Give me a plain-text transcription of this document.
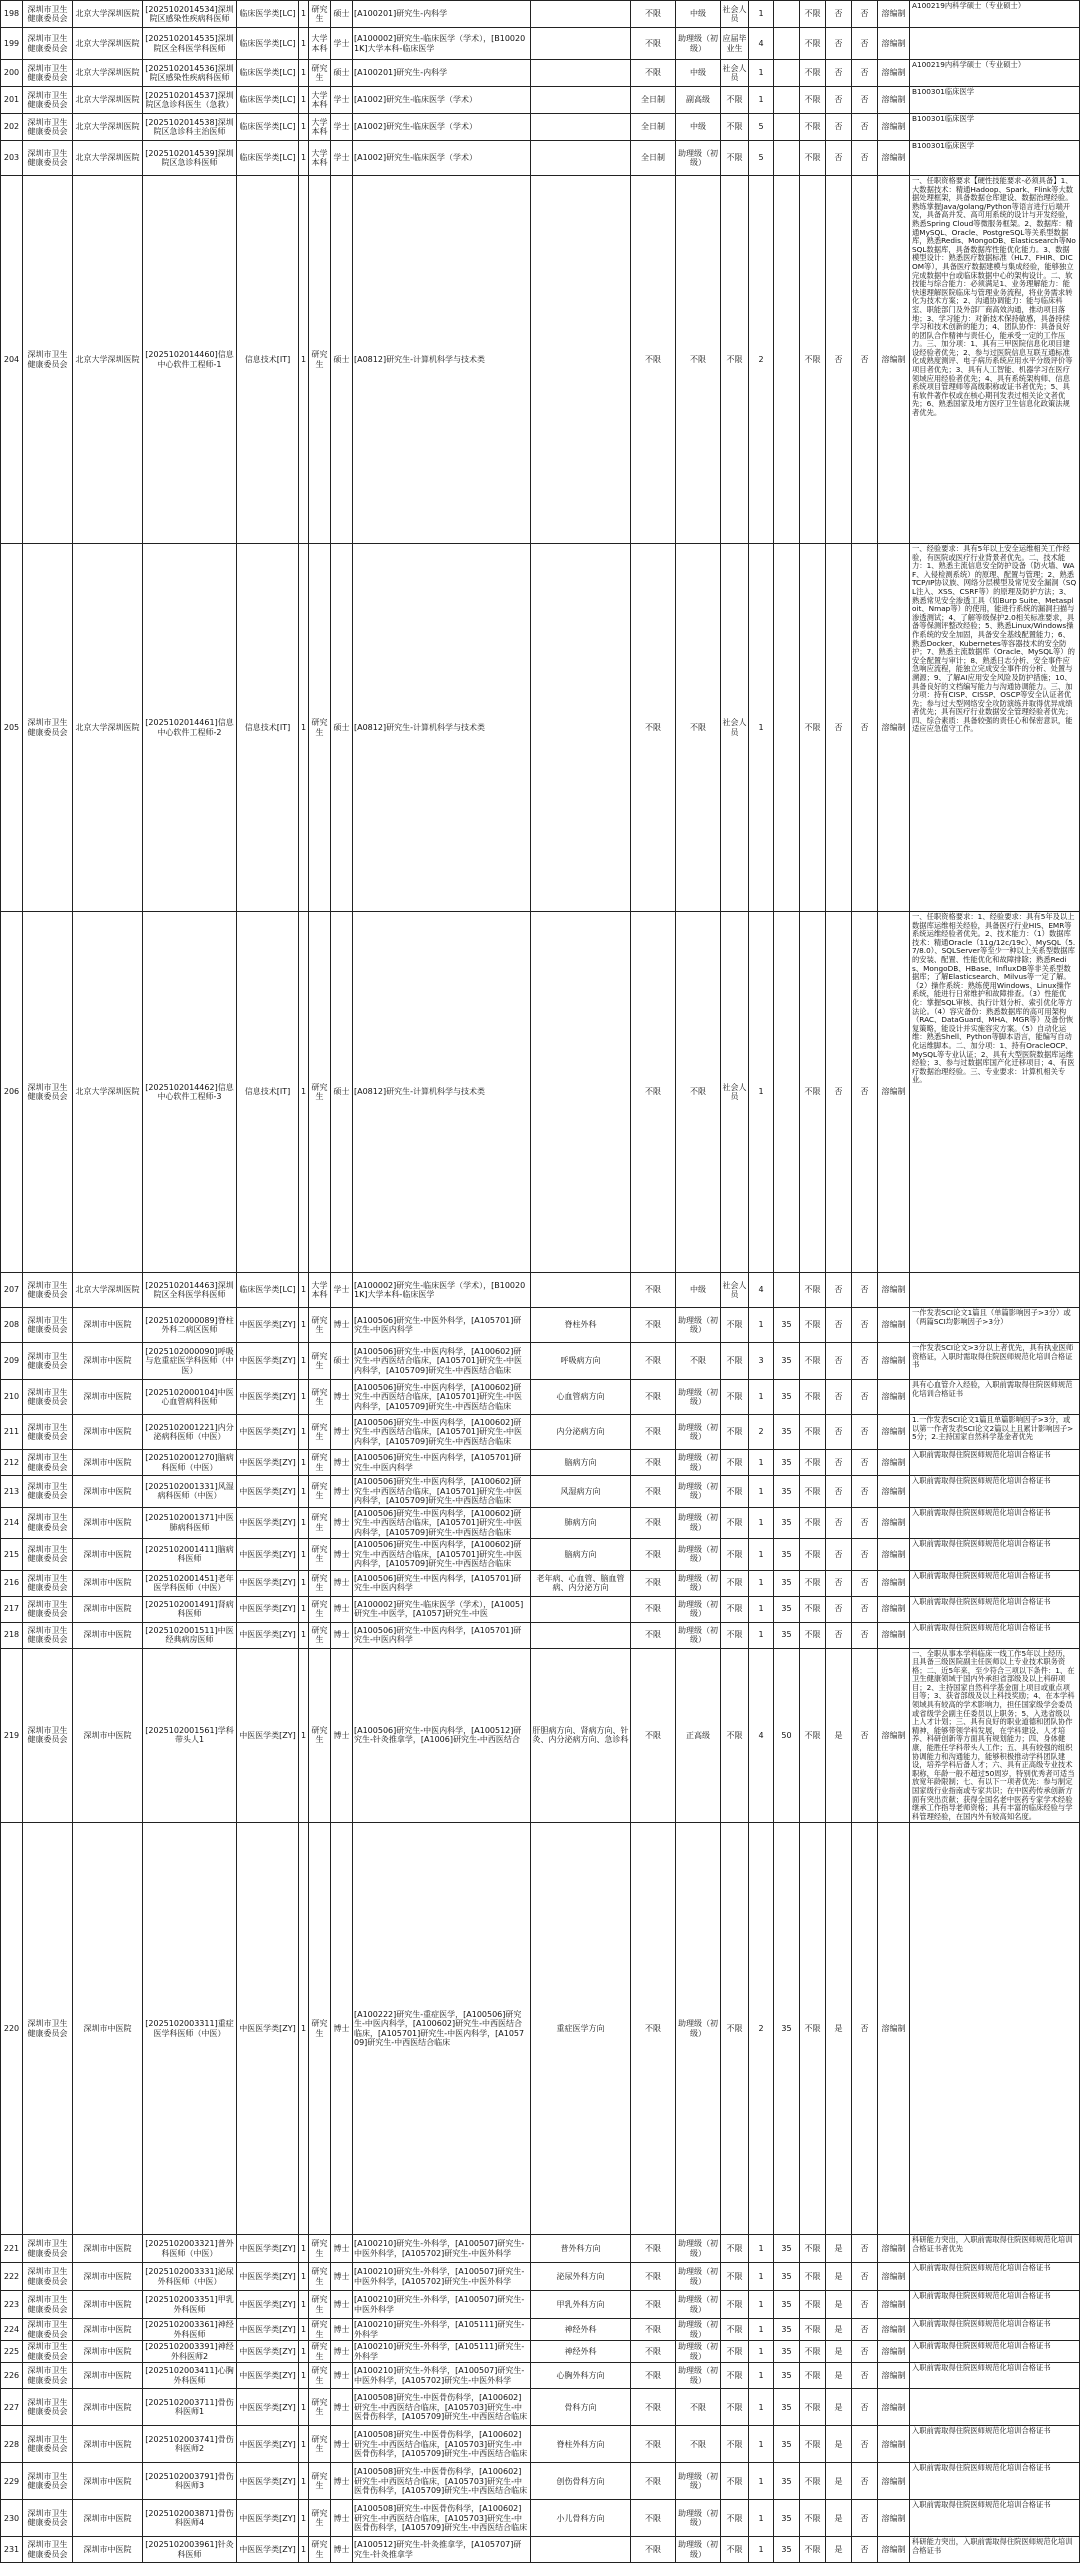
198	深圳市卫生健康委员会	北京大学深圳医院	[2025102014534]深圳院区感染性疾病科医师	临床医学类[LC]	1	研究生	硕士	[A100201]研究生-内科学		不限	中级	社会人员	1		不限	否	否	溶编制	A100219内科学硕士（专业硕士）
199	深圳市卫生健康委员会	北京大学深圳医院	[2025102014535]深圳院区全科医学科医师	临床医学类[LC]	1	大学本科	学士	[A100002]研究生-临床医学（学术），[B100201K]大学本科-临床医学		不限	助理级（初级）	应届毕业生	4		不限	否	否	溶编制	
200	深圳市卫生健康委员会	北京大学深圳医院	[2025102014536]深圳院区感染性疾病科医师	临床医学类[LC]	1	研究生	硕士	[A100201]研究生-内科学		不限	中级	社会人员	1		不限	否	否	溶编制	A100219内科学硕士（专业硕士）
201	深圳市卫生健康委员会	北京大学深圳医院	[2025102014537]深圳院区急诊科医生（急救）	临床医学类[LC]	1	大学本科	学士	[A1002]研究生-临床医学（学术）		全日制	副高级	不限	1		不限	否	否	溶编制	B100301临床医学
202	深圳市卫生健康委员会	北京大学深圳医院	[2025102014538]深圳院区急诊科主治医师	临床医学类[LC]	1	大学本科	学士	[A1002]研究生-临床医学（学术）		全日制	中级	不限	5		不限	否	否	溶编制	B100301临床医学
203	深圳市卫生健康委员会	北京大学深圳医院	[2025102014539]深圳院区急诊科医师	临床医学类[LC]	1	大学本科	学士	[A1002]研究生-临床医学（学术）		全日制	助理级（初级）	不限	5		不限	否	否	溶编制	B100301临床医学
204	深圳市卫生健康委员会	北京大学深圳医院	[2025102014460]信息中心软件工程师-1	信息技术[IT]	1	研究生	硕士	[A0812]研究生-计算机科学与技术类		不限	不限	不限	2		不限	否	否	溶编制	一、任职资格要求【硬性技能要求-必须具备】1、大数据技术：精通Hadoop、Spark、Flink等大数据处理框架，具备数据仓库建设、数据治理经验。熟练掌握Java/golang/Python等语言进行后端开发，具备高并发、高可用系统的设计与开发经验，熟悉Spring Cloud等微服务框架。2、数据库：精通MySQL、Oracle、PostgreSQL等关系型数据库，熟悉Redis、MongoDB、Elasticsearch等NoSQL数据库，具备数据库性能优化能力。3、数据模型设计：熟悉医疗数据标准（HL7、FHIR、DICOM等），具备医疗数据建模与集成经验，能够独立完成数据中台或临床数据中心的架构设计。二、软技能与综合能力：必须满足1、业务理解能力：能快速理解医院临床与管理业务流程，将业务需求转化为技术方案；2、沟通协调能力：能与临床科室、职能部门及外部厂商高效沟通，推动项目落地；3、学习能力：对新技术保持敏感，具备持续学习和技术创新的能力；4、团队协作：具备良好的团队合作精神与责任心，能承受一定的工作压力。三、加分项：1、具有三甲医院信息化项目建设经验者优先；2、参与过医院信息互联互通标准化成熟度测评、电子病历系统应用水平分级评价等项目者优先；3、具有人工智能、机器学习在医疗领域应用经验者优先；4、具有系统架构师、信息系统项目管理师等高级职称或证书者优先；5、具有软件著作权或在核心期刊发表过相关论文者优先；6、熟悉国家及地方医疗卫生信息化政策法规者优先。
205	深圳市卫生健康委员会	北京大学深圳医院	[2025102014461]信息中心软件工程师-2	信息技术[IT]	1	研究生	硕士	[A0812]研究生-计算机科学与技术类		不限	不限	社会人员	1		不限	否	否	溶编制	一、经验要求：具有5年以上安全运维相关工作经验，有医院或医疗行业背景者优先。二、技术能力：1、熟悉主流信息安全防护设备（防火墙、WAF、入侵检测系统）的原理、配置与管理；2、熟悉TCP/IP协议族、网络分层模型及常见安全漏洞（SQL注入、XSS、CSRF等）的原理及防护方法；3、熟悉常见安全渗透工具（如Burp Suite、Metasploit、Nmap等）的使用，能进行系统的漏洞扫描与渗透测试；4、了解等级保护2.0相关标准要求，具备等保测评整改经验；5、熟悉Linux/Windows操作系统的安全加固，具备安全基线配置能力；6、熟悉Docker、Kubernetes等容器技术的安全防护；7、熟悉主流数据库（Oracle、MySQL等）的安全配置与审计；8、熟悉日志分析、安全事件应急响应流程，能独立完成安全事件的分析、处置与溯源；9、了解AI应用安全风险及防护措施；10、具备良好的文档编写能力与沟通协调能力。三、加分项：持有CISP、CISSP、OSCP等安全认证者优先；参与过大型网络安全攻防演练并取得优异成绩者优先；具有医疗行业数据安全管理经验者优先；四、综合素质：具备较强的责任心和保密意识，能适应应急值守工作。
206	深圳市卫生健康委员会	北京大学深圳医院	[2025102014462]信息中心软件工程师-3	信息技术[IT]	1	研究生	硕士	[A0812]研究生-计算机科学与技术类		不限	不限	社会人员	1		不限	否	否	溶编制	一、任职资格要求：1、经验要求：具有5年及以上数据库运维相关经验，具备医疗行业HIS、EMR等系统运维经验者优先。2、技术能力：（1）数据库技术：精通Oracle（11g/12c/19c）、MySQL（5.7/8.0）、SQLServer等至少一种以上关系型数据库的安装、配置、性能优化和故障排除；熟悉Redis、MongoDB、HBase、InfluxDB等非关系型数据库；了解Elasticsearch、Milvus等一定了解。（2）操作系统：熟练使用Windows、Linux操作系统，能进行日常维护和故障排查。（3）性能优化：掌握SQL审核、执行计划分析、索引优化等方法论。（4）容灾备份：熟悉数据库的高可用架构（RAC、DataGuard、MHA、MGR等）及备份恢复策略，能设计并实施容灾方案。（5）自动化运维：熟悉Shell、Python等脚本语言，能编写自动化运维脚本。二、加分项：1、持有OracleOCP、MySQL等专业认证；2、具有大型医院数据库运维经验；3、参与过数据库国产化迁移项目；4、有医疗数据治理经验。三、专业要求：计算机相关专业。
207	深圳市卫生健康委员会	北京大学深圳医院	[2025102014463]深圳院区全科医学科医师	临床医学类[LC]	1	大学本科	学士	[A100002]研究生-临床医学（学术），[B100201K]大学本科-临床医学		不限	中级	社会人员	4		不限	否	否	溶编制	
208	深圳市卫生健康委员会	深圳市中医院	[2025102000089]脊柱外科二病区医师	中医医学类[ZY]	1	研究生	博士	[A100506]研究生-中医外科学，[A105701]研究生-中医内科学	脊柱外科	不限	助理级（初级）	不限	1	35	不限	否	否	溶编制	一作发表SCI论文1篇且（单篇影响因子>3分）或（两篇SCI均影响因子>3分）
209	深圳市卫生健康委员会	深圳市中医院	[2025102000090]呼吸与危重症医学科医师（中医）	中医医学类[ZY]	1	研究生	硕士	[A100506]研究生-中医内科学，[A100602]研究生-中西医结合临床，[A105701]研究生-中医内科学，[A105709]研究生-中西医结合临床	呼吸病方向	不限	不限	不限	3	35	不限	否	否	溶编制	一作发表SCI论文>3分以上者优先，具有执业医师资格证，入职时需取得住院医师规范化培训合格证书
210	深圳市卫生健康委员会	深圳市中医院	[2025102000104]中医心血管病科医师	中医医学类[ZY]	1	研究生	博士	[A100506]研究生-中医内科学，[A100602]研究生-中西医结合临床，[A105701]研究生-中医内科学，[A105709]研究生-中西医结合临床	心血管病方向	不限	助理级（初级）	不限	1	35	不限	否	否	溶编制	具有心血管介入经验，入职前需取得住院医师规范化培训合格证书
211	深圳市卫生健康委员会	深圳市中医院	[2025102001221]内分泌病科医师（中医）	中医医学类[ZY]	1	研究生	博士	[A100506]研究生-中医内科学，[A100602]研究生-中西医结合临床，[A105701]研究生-中医内科学，[A105709]研究生-中西医结合临床	内分泌病方向	不限	助理级（初级）	不限	2	35	不限	否	否	溶编制	1.一作发表SCI论文1篇且单篇影响因子>3分，或以第一作者发表SCI论文2篇以上且累计影响因子>5分；2.主持国家自然科学基金者优先
212	深圳市卫生健康委员会	深圳市中医院	[2025102001270]脑病科医师（中医）	中医医学类[ZY]	1	研究生	博士	[A100506]研究生-中医内科学，[A105701]研究生-中医内科学	脑病方向	不限	助理级（初级）	不限	1	35	不限	否	否	溶编制	入职前需取得住院医师规范化培训合格证书
213	深圳市卫生健康委员会	深圳市中医院	[2025102001331]风湿病科医师（中医）	中医医学类[ZY]	1	研究生	博士	[A100506]研究生-中医内科学，[A100602]研究生-中西医结合临床，[A105701]研究生-中医内科学，[A105709]研究生-中西医结合临床	风湿病方向	不限	助理级（初级）	不限	1	35	不限	否	否	溶编制	入职前需取得住院医师规范化培训合格证书
214	深圳市卫生健康委员会	深圳市中医院	[2025102001371]中医肺病科医师	中医医学类[ZY]	1	研究生	博士	[A100506]研究生-中医内科学，[A100602]研究生-中西医结合临床，[A105701]研究生-中医内科学，[A105709]研究生-中西医结合临床	肺病方向	不限	助理级（初级）	不限	1	35	不限	否	否	溶编制	入职前需取得住院医师规范化培训合格证书
215	深圳市卫生健康委员会	深圳市中医院	[2025102001411]脑病科医师	中医医学类[ZY]	1	研究生	博士	[A100506]研究生-中医内科学，[A100602]研究生-中西医结合临床，[A105701]研究生-中医内科学，[A105709]研究生-中西医结合临床	脑病方向	不限	助理级（初级）	不限	1	35	不限	否	否	溶编制	入职前需取得住院医师规范化培训合格证书
216	深圳市卫生健康委员会	深圳市中医院	[2025102001451]老年医学科医师（中医）	中医医学类[ZY]	1	研究生	博士	[A100506]研究生-中医内科学，[A105701]研究生-中医内科学	老年病、心血管、脑血管病、内分泌方向	不限	助理级（初级）	不限	1	35	不限	否	否	溶编制	入职前需取得住院医师规范化培训合格证书
217	深圳市卫生健康委员会	深圳市中医院	[2025102001491]肾病科医师	中医医学类[ZY]	1	研究生	博士	[A100002]研究生-临床医学（学术），[A1005]研究生-中医学，[A1057]研究生-中医		不限	助理级（初级）	不限	1	35	不限	否	否	溶编制	入职前需取得住院医师规范化培训合格证书
218	深圳市卫生健康委员会	深圳市中医院	[2025102001511]中医经典病房医师	中医医学类[ZY]	1	研究生	博士	[A100506]研究生-中医内科学，[A105701]研究生-中医内科学		不限	助理级（初级）	不限	1	35	不限	否	否	溶编制	入职前需取得住院医师规范化培训合格证书
219	深圳市卫生健康委员会	深圳市中医院	[2025102001561]学科带头人1	中医医学类[ZY]	1	研究生	博士	[A100506]研究生-中医内科学，[A100512]研究生-针灸推拿学，[A1006]研究生-中西医结合	肝胆病方向、肾病方向、针灸、内分泌病方向、急诊科	不限	正高级	不限	4	50	不限	是	否	溶编制	一、全职从事本学科临床一线工作5年以上经历，且具备三级医院副主任医师以上专业技术职务资格；二、近5年来，至少符合三项以下条件：1、在卫生健康领域于国内外承担省部级及以上科研项目；2、主持国家自然科学基金面上项目或重点项目等；3、获省部级及以上科技奖励；4、在本学科领域具有较高的学术影响力，担任国家级学会委员或省级学会副主任委员以上职务；5、入选省级以上人才计划；三、具有良好的职业道德和团队协作精神，能够带领学科发展，在学科建设、人才培养、科研创新等方面具有规划能力；四、身体健康，能胜任学科带头人工作；五、具有较强的组织协调能力和沟通能力，能够积极推动学科团队建设，培养学科后备人才；六、具有正高级专业技术职称，年龄一般不超过50周岁，特别优秀者可适当放宽年龄限制；七、有以下一项者优先：参与制定国家级行业指南或专家共识；在中医药传承创新方面有突出贡献；获得全国名老中医药专家学术经验继承工作指导老师资格；具有丰富的临床经验与学科管理经验，在国内外有较高知名度。
220	深圳市卫生健康委员会	深圳市中医院	[2025102003311]重症医学科医师（中医）	中医医学类[ZY]	1	研究生	博士	[A100222]研究生-重症医学，[A100506]研究生-中医内科学，[A100602]研究生-中西医结合临床，[A105701]研究生-中医内科学，[A105709]研究生-中西医结合临床	重症医学方向	不限	助理级（初级）	不限	2	35	不限	是	否	溶编制	
221	深圳市卫生健康委员会	深圳市中医院	[2025102003321]普外科医师（中医）	中医医学类[ZY]	1	研究生	博士	[A100210]研究生-外科学，[A100507]研究生-中医外科学，[A105702]研究生-中医外科学	普外科方向	不限	助理级（初级）	不限	1	35	不限	是	否	溶编制	科研能力突出，入职前需取得住院医师规范化培训合格证书者优先
222	深圳市卫生健康委员会	深圳市中医院	[2025102003331]泌尿外科医师（中医）	中医医学类[ZY]	1	研究生	博士	[A100210]研究生-外科学，[A100507]研究生-中医外科学，[A105702]研究生-中医外科学	泌尿外科方向	不限	助理级（初级）	不限	1	35	不限	是	否	溶编制	入职前需取得住院医师规范化培训合格证书
223	深圳市卫生健康委员会	深圳市中医院	[2025102003351]甲乳外科医师	中医医学类[ZY]	1	研究生	博士	[A100210]研究生-外科学，[A100507]研究生-中医外科学	甲乳外科方向	不限	助理级（初级）	不限	1	35	不限	是	否	溶编制	入职前需取得住院医师规范化培训合格证书
224	深圳市卫生健康委员会	深圳市中医院	[2025102003361]神经外科医师	中医医学类[ZY]	1	研究生	博士	[A100210]研究生-外科学，[A105111]研究生-外科学	神经外科	不限	助理级（初级）	不限	1	35	不限	是	否	溶编制	入职前需取得住院医师规范化培训合格证书
225	深圳市卫生健康委员会	深圳市中医院	[2025102003391]神经外科医师2	中医医学类[ZY]	1	研究生	博士	[A100210]研究生-外科学，[A105111]研究生-外科学	神经外科	不限	助理级（初级）	不限	1	35	不限	是	否	溶编制	入职前需取得住院医师规范化培训合格证书
226	深圳市卫生健康委员会	深圳市中医院	[2025102003411]心胸外科医师	中医医学类[ZY]	1	研究生	博士	[A100210]研究生-外科学，[A100507]研究生-中医外科学，[A105702]研究生-中医外科学	心胸外科方向	不限	助理级（初级）	不限	1	35	不限	是	否	溶编制	入职前需取得住院医师规范化培训合格证书
227	深圳市卫生健康委员会	深圳市中医院	[2025102003711]骨伤科医师1	中医医学类[ZY]	1	研究生	博士	[A100508]研究生-中医骨伤科学，[A100602]研究生-中西医结合临床，[A105703]研究生-中医骨伤科学，[A105709]研究生-中西医结合临床	骨科方向	不限	不限	不限	1	35	不限	是	否	溶编制	
228	深圳市卫生健康委员会	深圳市中医院	[2025102003741]骨伤科医师2	中医医学类[ZY]	1	研究生	博士	[A100508]研究生-中医骨伤科学，[A100602]研究生-中西医结合临床，[A105703]研究生-中医骨伤科学，[A105709]研究生-中西医结合临床	脊柱外科方向	不限	不限	不限	1	35	不限	是	否	溶编制	入职前需取得住院医师规范化培训合格证书
229	深圳市卫生健康委员会	深圳市中医院	[2025102003791]骨伤科医师3	中医医学类[ZY]	1	研究生	博士	[A100508]研究生-中医骨伤科学，[A100602]研究生-中西医结合临床，[A105703]研究生-中医骨伤科学，[A105709]研究生-中西医结合临床	创伤骨科方向	不限	助理级（初级）	不限	1	35	不限	是	否	溶编制	入职前需取得住院医师规范化培训合格证书
230	深圳市卫生健康委员会	深圳市中医院	[2025102003871]骨伤科医师4	中医医学类[ZY]	1	研究生	博士	[A100508]研究生-中医骨伤科学，[A100602]研究生-中西医结合临床，[A105703]研究生-中医骨伤科学，[A105709]研究生-中西医结合临床	小儿骨科方向	不限	助理级（初级）	不限	1	35	不限	是	否	溶编制	入职前需取得住院医师规范化培训合格证书
231	深圳市卫生健康委员会	深圳市中医院	[2025102003961]针灸科医师	中医医学类[ZY]	1	研究生	博士	[A100512]研究生-针灸推拿学，[A105707]研究生-针灸推拿学		不限	助理级（初级）	不限	1	35	不限	是	否	溶编制	科研能力突出，入职前需取得住院医师规范化培训合格证书
